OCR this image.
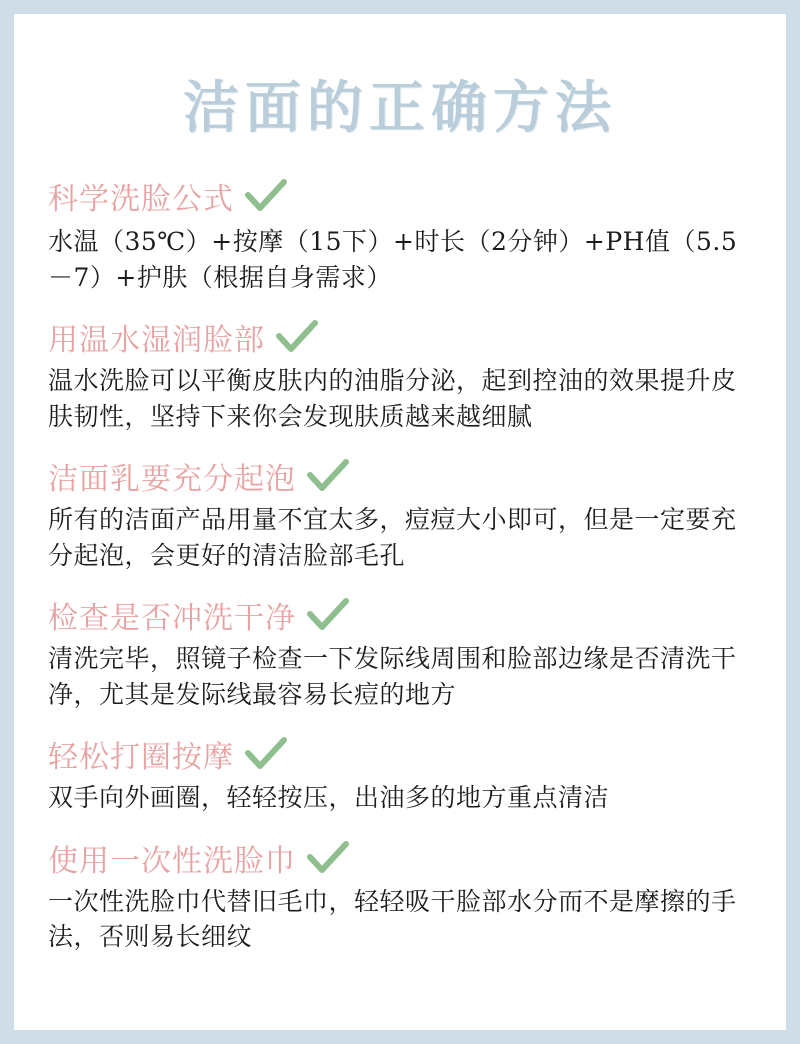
洁面的正确方法
科学洗脸公式
水温（35℃）+按摩（15下）+时长（2分钟）+PH值（5.5－7）+护肤（根据自身需求）
用温水湿润脸部
温水洗脸可以平衡皮肤内的油脂分泌，起到控油的效果提升皮肤韧性，坚持下来你会发现肤质越来越细腻
洁面乳要充分起泡
所有的洁面产品用量不宜太多，痘痘大小即可，但是一定要充分起泡，会更好的清洁脸部毛孔
检查是否冲洗干净
清洗完毕，照镜子检查一下发际线周围和脸部边缘是否清洗干净，尤其是发际线最容易长痘的地方
轻松打圈按摩
双手向外画圈，轻轻按压，出油多的地方重点清洁
使用一次性洗脸巾
一次性洗脸巾代替旧毛巾，轻轻吸干脸部水分而不是摩擦的手法，否则易长细纹
